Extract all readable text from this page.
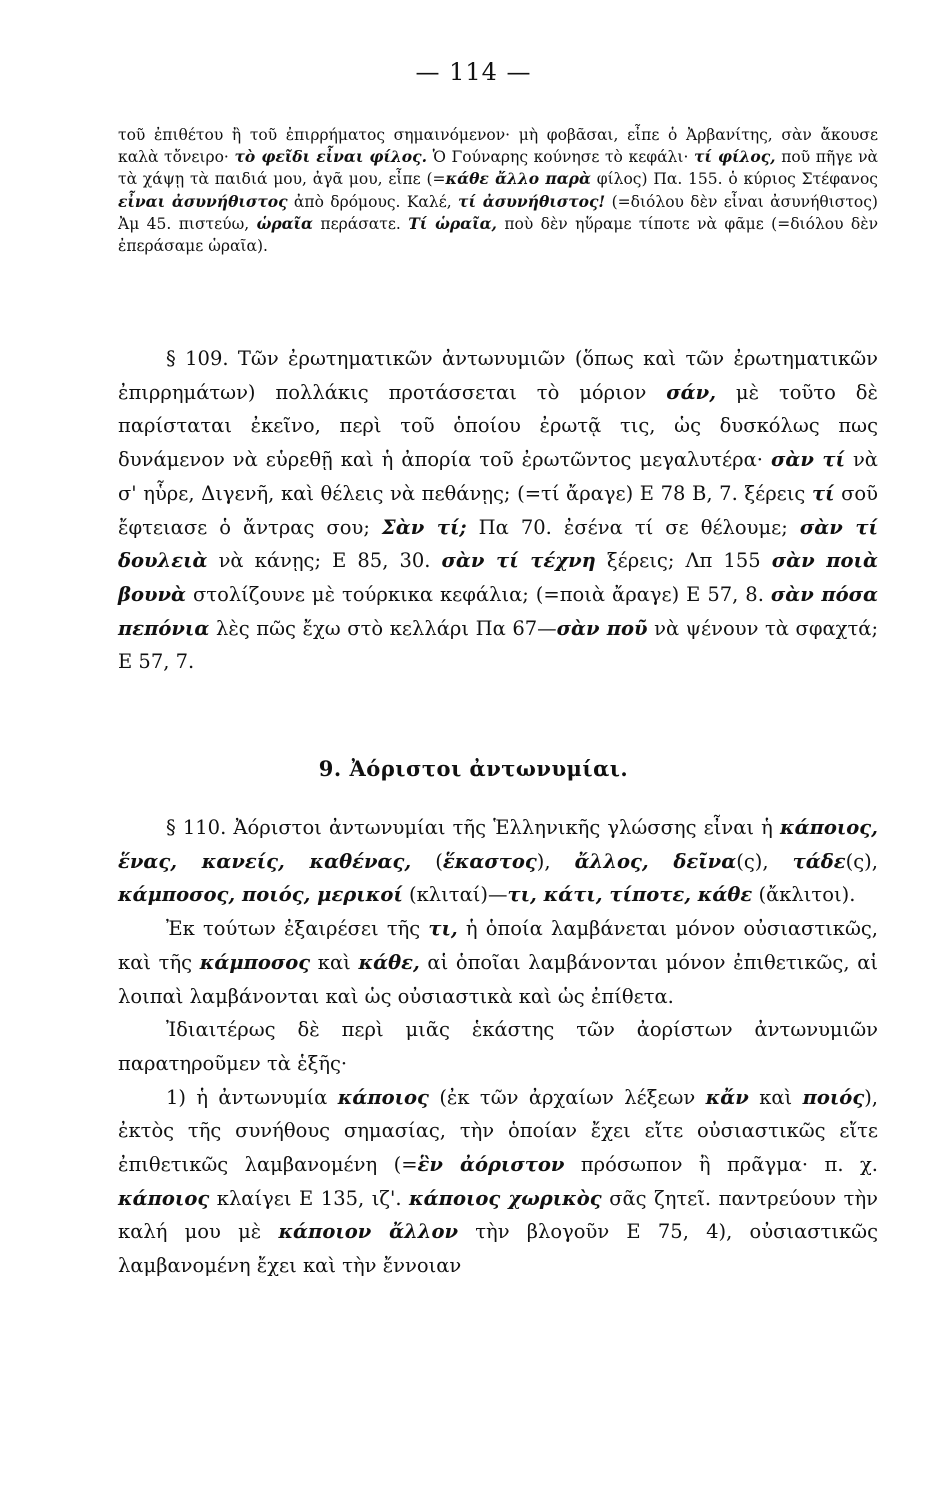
— 114 —

τοῦ ἐπιθέτου ἢ τοῦ ἐπιρρήματος σημαινόμενον· μὴ φοβᾶσαι, εἶπε ὁ Ἀρβανίτης, σὰν ἄκουσε καλὰ τὄνειρο· τὸ φεῖδι εἶναι φίλος. Ὁ Γούναρης κούνησε τὸ κεφάλι· τί φίλος, ποῦ πῆγε νὰ τὰ χάψῃ τὰ παιδιά μου, ἀγᾶ μου, εἶπε (=κάθε ἄλλο παρὰ φίλος) Πα. 155. ὁ κύριος Στέφανος εἶναι ἀσυνήθιστος ἀπὸ δρόμους. Καλέ, τί ἀσυνήθιστος! (=διόλου δὲν εἶναι ἀσυνήθιστος) Ἀμ 45. πιστεύω, ὡραῖα περάσατε. Τί ὡραῖα, ποὺ δὲν ηὕραμε τίποτε νὰ φᾶμε (=διόλου δὲν ἐπεράσαμε ὡραῖα).

§ 109. Τῶν ἐρωτηματικῶν ἀντωνυμιῶν (ὅπως καὶ τῶν ἐρωτηματικῶν ἐπιρρημάτων) πολλάκις προτάσσεται τὸ μόριον σάν, μὲ τοῦτο δὲ παρίσταται ἐκεῖνο, περὶ τοῦ ὁποίου ἐρωτᾷ τις, ὡς δυσκόλως πως δυνάμενον νὰ εὑρεθῇ καὶ ἡ ἀπορία τοῦ ἐρωτῶντος μεγαλυτέρα· σὰν τί νὰ σ' ηὗρε, Διγενῆ, καὶ θέλεις νὰ πεθάνῃς; (=τί ἄραγε) Ε 78 Β, 7. ξέρεις τί σοῦ ἔφτειασε ὁ ἄντρας σου; Σὰν τί; Πα 70. ἐσένα τί σε θέλουμε; σὰν τί δουλειὰ νὰ κάνῃς; Ε 85, 30. σὰν τί τέχνη ξέρεις; Λπ 155 σὰν ποιὰ βουνὰ στολίζουνε μὲ τούρκικα κεφάλια; (=ποιὰ ἄραγε) Ε 57, 8. σὰν πόσα πεπόνια λὲς πῶς ἔχω στὸ κελλάρι Πα 67—σὰν ποῦ νὰ ψένουν τὰ σφαχτά; Ε 57, 7.

9. Ἀόριστοι ἀντωνυμίαι.

§ 110. Ἀόριστοι ἀντωνυμίαι τῆς Ἑλληνικῆς γλώσσης εἶναι ἡ κάποιος, ἕνας, κανείς, καθένας, (ἕκαστος), ἄλλος, δεῖνα(ς), τάδε(ς), κάμποσος, ποιός, μερικοί (κλιταί)—τι, κάτι, τίποτε, κάθε (ἄκλιτοι).

Ἐκ τούτων ἐξαιρέσει τῆς τι, ἡ ὁποία λαμβάνεται μόνον οὐσιαστικῶς, καὶ τῆς κάμποσος καὶ κάθε, αἱ ὁποῖαι λαμβάνονται μόνον ἐπιθετικῶς, αἱ λοιπαὶ λαμβάνονται καὶ ὡς οὐσιαστικὰ καὶ ὡς ἐπίθετα.

Ἰδιαιτέρως δὲ περὶ μιᾶς ἑκάστης τῶν ἀορίστων ἀντωνυμιῶν παρατηροῦμεν τὰ ἑξῆς·

1) ἡ ἀντωνυμία κάποιος (ἐκ τῶν ἀρχαίων λέξεων κἄν καὶ ποιός), ἐκτὸς τῆς συνήθους σημασίας, τὴν ὁποίαν ἔχει εἴτε οὐσιαστικῶς εἴτε ἐπιθετικῶς λαμβανομένη (=ἓν ἀόριστον πρόσωπον ἢ πρᾶγμα· π. χ. κάποιος κλαίγει Ε 135, ιζ'. κάποιος χωρικὸς σᾶς ζητεῖ. παντρεύουν τὴν καλή μου μὲ κάποιον ἄλλον τὴν βλογοῦν Ε 75, 4), οὐσιαστικῶς λαμβανομένη ἔχει καὶ τὴν ἔννοιαν
